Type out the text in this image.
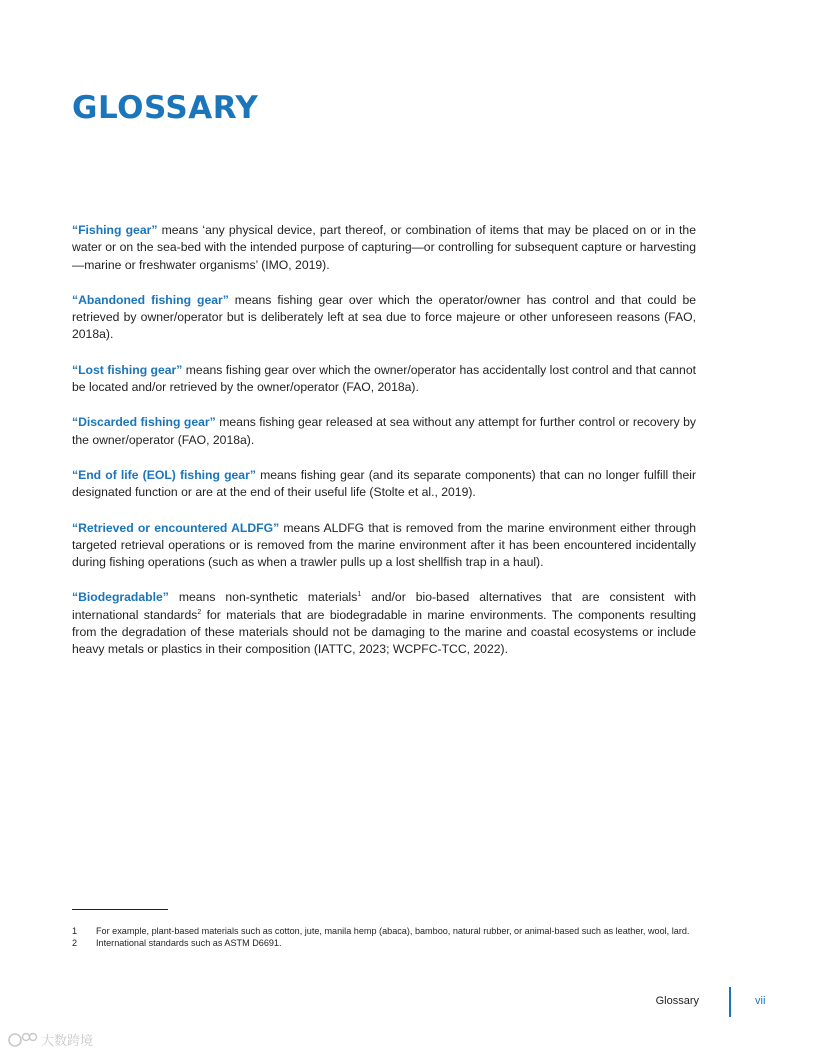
GLOSSARY

“Fishing gear” means ‘any physical device, part thereof, or combination of items that may be placed on or in the water or on the sea-bed with the intended purpose of capturing—or controlling for subsequent capture or harvesting—marine or freshwater organisms’ (IMO, 2019).

“Abandoned fishing gear” means fishing gear over which the operator/owner has control and that could be retrieved by owner/operator but is deliberately left at sea due to force majeure or other unforeseen reasons (FAO, 2018a).

“Lost fishing gear” means fishing gear over which the owner/operator has accidentally lost control and that cannot be located and/or retrieved by the owner/operator (FAO, 2018a).

“Discarded fishing gear” means fishing gear released at sea without any attempt for further control or recovery by the owner/operator (FAO, 2018a).

“End of life (EOL) fishing gear” means fishing gear (and its separate components) that can no longer fulfill their designated function or are at the end of their useful life (Stolte et al., 2019).

“Retrieved or encountered ALDFG” means ALDFG that is removed from the marine environment either through targeted retrieval operations or is removed from the marine environment after it has been encountered incidentally during fishing operations (such as when a trawler pulls up a lost shellfish trap in a haul).

“Biodegradable” means non-synthetic materials$^1$ and/or bio-based alternatives that are consistent with international standards$^2$ for materials that are biodegradable in marine environments. The components resulting from the degradation of these materials should not be damaging to the marine and coastal ecosystems or include heavy metals or plastics in their composition (IATTC, 2023; WCPFC-TCC, 2022).

1	For example, plant-based materials such as cotton, jute, manila hemp (abaca), bamboo, natural rubber, or animal-based such as leather, wool, lard.
2	International standards such as ASTM D6691.
Glossary	vii
大数跨境
